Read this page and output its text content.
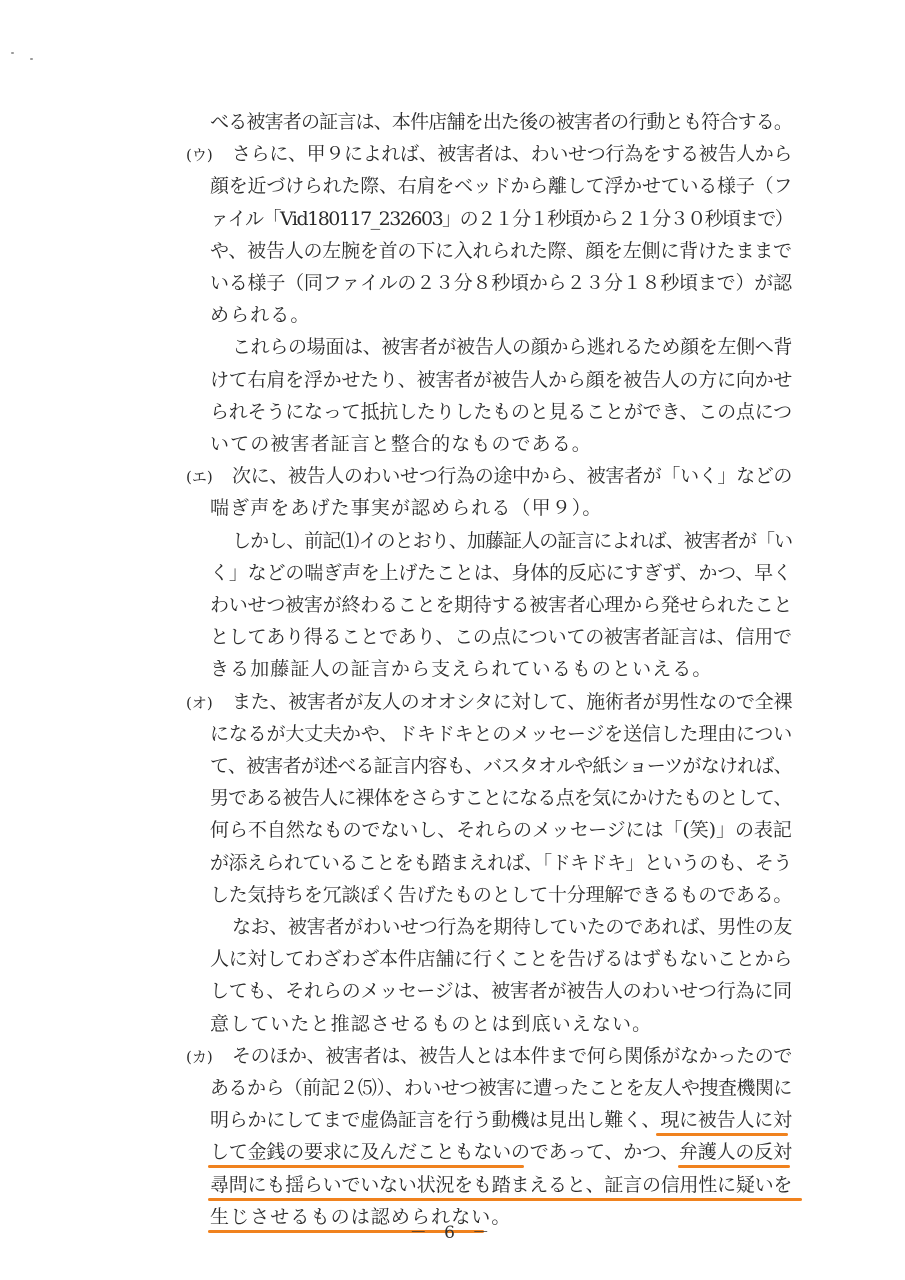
(ウ)
(エ)
(オ)
(カ)
べる被害者の証言は、本件店舗を出た後の被害者の行動とも符合する。
さらに、甲９によれば、被害者は、わいせつ行為をする被告人から
顔を近づけられた際、右肩をベッドから離して浮かせている様子（フ
ァイル「Vid180117_232603」の２１分１秒頃から２１分３０秒頃まで）
や、被告人の左腕を首の下に入れられた際、顔を左側に背けたままで
いる様子（同ファイルの２３分８秒頃から２３分１８秒頃まで）が認
められる。
これらの場面は、被害者が被告人の顔から逃れるため顔を左側へ背
けて右肩を浮かせたり、被害者が被告人から顔を被告人の方に向かせ
られそうになって抵抗したりしたものと見ることができ、この点につ
いての被害者証言と整合的なものである。
次に、被告人のわいせつ行為の途中から、被害者が「いく」などの
喘ぎ声をあげた事実が認められる（甲９）。
しかし、前記⑴イのとおり、加藤証人の証言によれば、被害者が「い
く」などの喘ぎ声を上げたことは、身体的反応にすぎず、かつ、早く
わいせつ被害が終わることを期待する被害者心理から発せられたこと
としてあり得ることであり、この点についての被害者証言は、信用で
きる加藤証人の証言から支えられているものといえる。
また、被害者が友人のオオシタに対して、施術者が男性なので全裸
になるが大丈夫かや、ドキドキとのメッセージを送信した理由につい
て、被害者が述べる証言内容も、バスタオルや紙ショーツがなければ、
男である被告人に裸体をさらすことになる点を気にかけたものとして、
何ら不自然なものでないし、それらのメッセージには「(笑)」の表記
が添えられていることをも踏まえれば、「ドキドキ」というのも、そう
した気持ちを冗談ぽく告げたものとして十分理解できるものである。
なお、被害者がわいせつ行為を期待していたのであれば、男性の友
人に対してわざわざ本件店舗に行くことを告げるはずもないことから
しても、それらのメッセージは、被害者が被告人のわいせつ行為に同
意していたと推認させるものとは到底いえない。
そのほか、被害者は、被告人とは本件まで何ら関係がなかったので
あるから（前記２⑸）、わいせつ被害に遭ったことを友人や捜査機関に
明らかにしてまで虚偽証言を行う動機は見出し難く、現に被告人に対
して金銭の要求に及んだこともないのであって、かつ、弁護人の反対
尋問にも揺らいでいない状況をも踏まえると、証言の信用性に疑いを
生じさせるものは認められない。
－ 6 －
